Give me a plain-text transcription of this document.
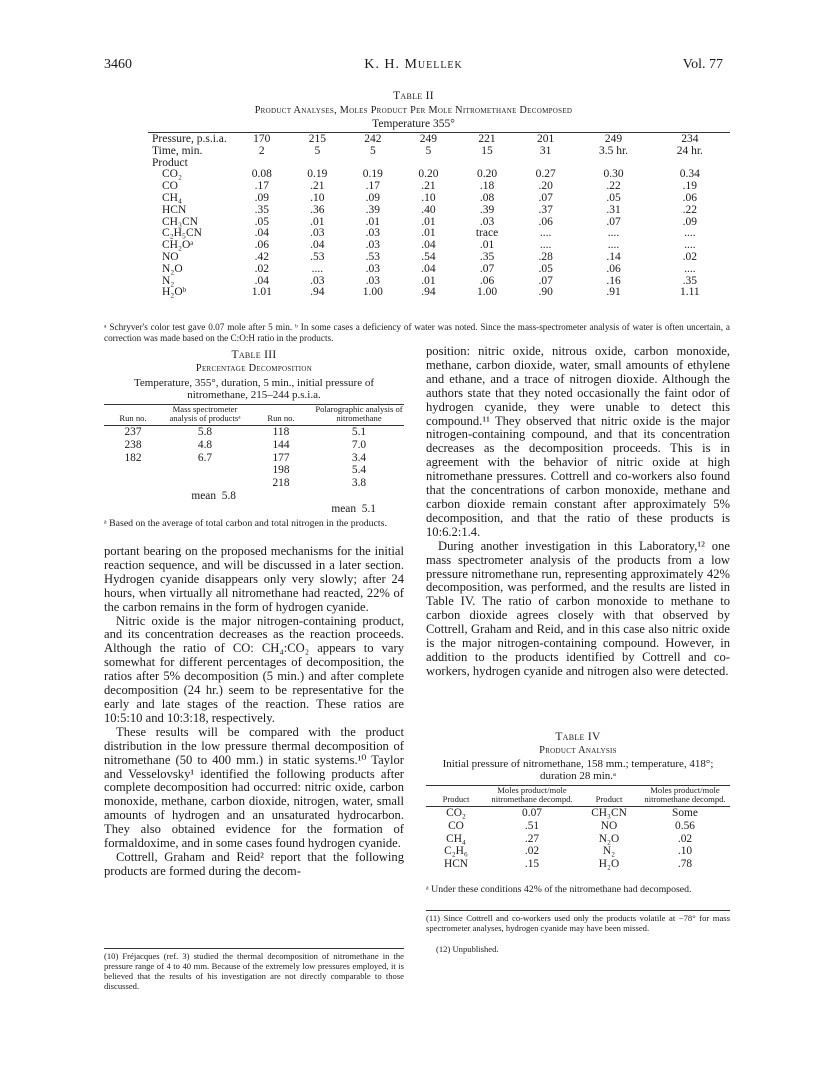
3460	K. H. Muellek	Vol. 77
Table II
Product Analyses, Moles Product Per Mole Nitromethane Decomposed
Temperature 355°
Pressure, p.s.i.a.	170	215	242	249	221	201	249	234
Time, min.	2	5	5	5	15	31	3.5 hr.	24 hr.
Product								
CO₂	0.08	0.19	0.19	0.20	0.20	0.27	0.30	0.34
CO	.17	.21	.17	.21	.18	.20	.22	.19
CH₄	.09	.10	.09	.10	.08	.07	.05	.06
HCN	.35	.36	.39	.40	.39	.37	.31	.22
CH₃CN	.05	.01	.01	.01	.03	.06	.07	.09
C₂H₅CN	.04	.03	.03	.01	trace	....	....	....
CH₂Oᵃ	.06	.04	.03	.04	.01	....	....	....
NO	.42	.53	.53	.54	.35	.28	.14	.02
N₂O	.02	....	.03	.04	.07	.05	.06	....
N₂	.04	.03	.03	.01	.06	.07	.16	.35
H₂Oᵇ	1.01	.94	1.00	.94	1.00	.90	.91	1.11
ᵃ Schryver's color test gave 0.07 mole after 5 min. ᵇ In some cases a deficiency of water was noted. Since the mass-spectrometer analysis of water is often uncertain, a correction was made based on the C:O:H ratio in the products.
Table III
Percentage Decomposition
Temperature, 355°, duration, 5 min., initial pressure of nitromethane, 215–244 p.s.i.a.
Run no.	Mass spectrometer analysis of productsᵃ	Run no.	Polarographic analysis of nitromethane

237	5.8	118	5.1
238	4.8	144	7.0
182	6.7	177	3.4
		198	5.4
		218	3.8
mean 5.8			
		mean 5.1	
ᵃ Based on the average of total carbon and total nitrogen in the products.

portant bearing on the proposed mechanisms for the initial reaction sequence, and will be discussed in a later section. Hydrogen cyanide disappears only very slowly; after 24 hours, when virtually all nitromethane had reacted, 22% of the carbon remains in the form of hydrogen cyanide.

Nitric oxide is the major nitrogen-containing product, and its concentration decreases as the reaction proceeds. Although the ratio of CO: CH₄:CO₂ appears to vary somewhat for different percentages of decomposition, the ratios after 5% decomposition (5 min.) and after complete decomposition (24 hr.) seem to be representative for the early and late stages of the reaction. These ratios are 10:5:10 and 10:3:18, respectively.

These results will be compared with the product distribution in the low pressure thermal decomposition of nitromethane (50 to 400 mm.) in static systems.¹⁰ Taylor and Vesselovsky¹ identified the following products after complete decomposition had occurred: nitric oxide, carbon monoxide, methane, carbon dioxide, nitrogen, water, small amounts of hydrogen and an unsaturated hydrocarbon. They also obtained evidence for the formation of formaldoxime, and in some cases found hydrogen cyanide.

Cottrell, Graham and Reid² report that the following products are formed during the decom-

(10) Fréjacques (ref. 3) studied the thermal decomposition of nitromethane in the pressure range of 4 to 40 mm. Because of the extremely low pressures employed, it is believed that the results of his investigation are not directly comparable to those discussed.

position: nitric oxide, nitrous oxide, carbon monoxide, methane, carbon dioxide, water, small amounts of ethylene and ethane, and a trace of nitrogen dioxide. Although the authors state that they noted occasionally the faint odor of hydrogen cyanide, they were unable to detect this compound.¹¹ They observed that nitric oxide is the major nitrogen-containing compound, and that its concentration decreases as the decomposition proceeds. This is in agreement with the behavior of nitric oxide at high nitromethane pressures. Cottrell and co-workers also found that the concentrations of carbon monoxide, methane and carbon dioxide remain constant after approximately 5% decomposition, and that the ratio of these products is 10:6.2:1.4.

During another investigation in this Laboratory,¹² one mass spectrometer analysis of the products from a low pressure nitromethane run, representing approximately 42% decomposition, was performed, and the results are listed in Table IV. The ratio of carbon monoxide to methane to carbon dioxide agrees closely with that observed by Cottrell, Graham and Reid, and in this case also nitric oxide is the major nitrogen-containing compound. However, in addition to the products identified by Cottrell and co-workers, hydrogen cyanide and nitrogen also were detected.

Table IV
Product Analysis
Initial pressure of nitromethane, 158 mm.; temperature, 418°; duration 28 min.ᵃ
Product	Moles product/mole nitromethane decompd.	Product	Moles product/mole nitromethane decompd.

CO₂	0.07	CH₃CN	Some
CO	.51	NO	0.56
CH₄	.27	N₂O	.02
C₂H₆	.02	N₂	.10
HCN	.15	H₂O	.78
ᵃ Under these conditions 42% of the nitromethane had decomposed.
(11) Since Cottrell and co-workers used only the products volatile at −78° for mass spectrometer analyses, hydrogen cyanide may have been missed.
(12) Unpublished.
